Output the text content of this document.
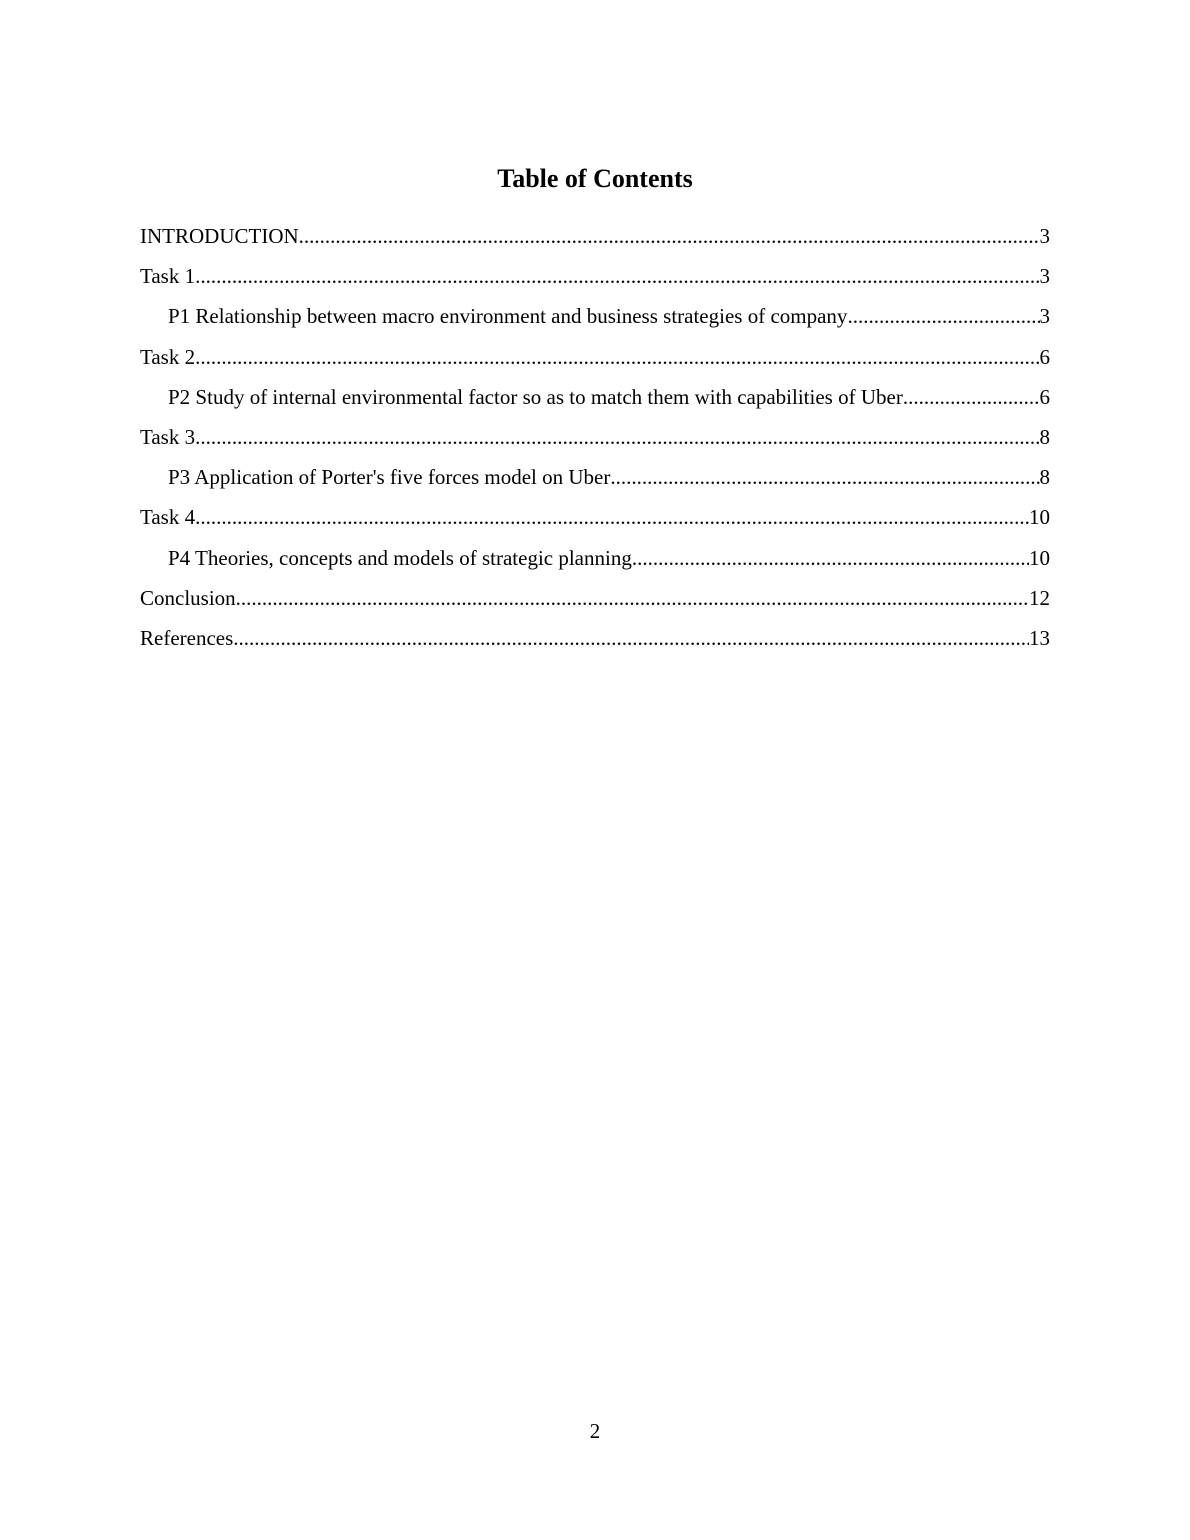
Table of Contents
INTRODUCTION .....	3
Task 1 .....	3
P1 Relationship between macro environment and business strategies of company .....	3
Task 2 .....	6
P2 Study of internal environmental factor so as to match them with capabilities of Uber .....	6
Task 3 .....	8
P3 Application of Porter's five forces model on Uber .....	8
Task 4 .....	10
P4 Theories, concepts and models of strategic planning .....	10
Conclusion .....	12
References .....	13
2
